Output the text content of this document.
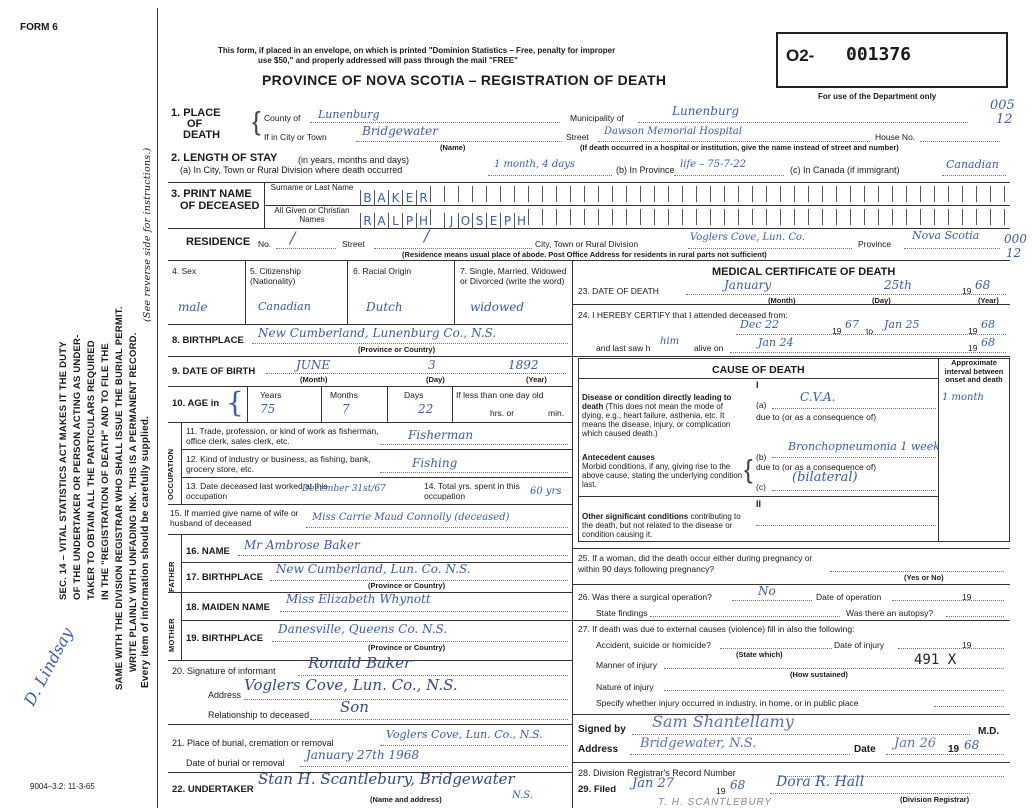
FORM 6
This form, if placed in an envelope, on which is printed "Dominion Statistics – Free, penalty for improper
use $50," and properly addressed will pass through the mail "FREE"
PROVINCE OF NOVA SCOTIA – REGISTRATION OF DEATH
O2- 001376
For use of the Department only
005
12
SEC. 14 – VITAL STATISTICS ACT MAKES IT THE DUTY OF THE UNDERTAKER OR PERSON ACTING AS UNDER- TAKER TO OBTAIN ALL THE PARTICULARS REQUIRED IN THE "REGISTRATION OF DEATH" AND TO FILE THE SAME WITH THE DIVISION REGISTRAR WHO SHALL ISSUE THE BURIAL PERMIT. WRITE PLAINLY WITH UNFADING INK. THIS IS A PERMANENT RECORD. Every item of information should be carefully supplied.
(See reverse side for instructions.)
9004–3.2: 11-3-65
D. Lindsay
1. PLACE
OF
DEATH { County of Lunenburg	Municipality of	Lunenburg
If in City or Town	Bridgewater
(Name)
Street Dawson Memorial Hospital	House No.
(If death occurred in a hospital or institution, give the name instead of street and number)
2. LENGTH OF STAY (in years, months and days)
(a) In City, Town or Rural Division where death occurred	1 month, 4 days	(b) In Province life – 75-7-22	(c) In Canada (if immigrant)	Canadian
3. PRINT NAME
OF DECEASED
Surname or Last Name
All Given or Christian Names
B A K E R
R A L P H J O S E P H
RESIDENCE No. /	Street	/	City, Town or Rural Division
Voglers Cove, Lun. Co.
Province
Nova Scotia
(Residence means usual place of abode. Post Office Address for residents in rural parts not sufficient)
000
12
4. Sex	5. Citizenship (Nationality)
6. Racial Origin	7. Single, Married, Widowed or Divorced (write the word)
male	Canadian	Dutch	widowed
8. BIRTHPLACE
New Cumberland, Lunenburg Co., N.S.
(Province or Country)
9. DATE OF BIRTH	JUNE	3	1892
(Month)	(Day)	(Year)
10. AGE in { Years	Months	Days	If less than one day old
75	7	22	hrs. or	min.
OCCUPATION
11. Trade, profession, or kind of work as fisherman, office clerk, sales clerk, etc.	Fisherman
12. Kind of industry or business, as fishing, bank, grocery store, etc.	Fishing
13. Date deceased last worked at this occupation
December 31st/67	14. Total yrs. spent in this occupation	60 yrs
15. If married give name of wife or husband of deceased	Miss Carrie Maud Connolly (deceased)
FATHER
MOTHER
16. NAME Mr Ambrose Baker
17. BIRTHPLACE
New Cumberland, Lun. Co. N.S.
(Province or Country)
18. MAIDEN NAME
Miss Elizabeth Whynott
19. BIRTHPLACE
Danesville, Queens Co. N.S.
(Province or Country)
20. Signature of informant Ronald Baker
Address
Voglers Cove, Lun. Co., N.S.
Relationship to deceased Son
21. Place of burial, cremation or removal
Voglers Cove, Lun. Co., N.S.
Date of burial or removal
January 27th 1968
22. UNDERTAKER
Stan H. Scantlebury, Bridgewater
N.S.
(Name and address)
MEDICAL CERTIFICATE OF DEATH
23. DATE OF DEATH	January	25th	19 68
(Month)	(Day)	(Year)
24. I HEREBY CERTIFY that I attended deceased from:
Dec 22	19 67 to Jan 25	19 68
and last saw h
him
alive on	Jan 24	19 68
CAUSE OF DEATH
Approximate interval between onset and death
I
Disease or condition directly leading to death (This does not mean the mode of dying, e.g., heart failure, asthenia, etc. It means the disease, injury, or complication which caused death.)
(a)
C.V.A.	1 month
due to (or as a consequence of)
Antecedent causes
Morbid conditions, if any, giving rise to the above cause, stating the underlying condition last.
{ (b)
Bronchopneumonia 1 week
due to (or as a consequence of)
(c)
(bilateral)
II
Other significant conditions contributing to the death, but not related to the disease or condition causing it.
25. If a woman, did the death occur either during pregnancy or within 90 days following pregnancy?
(Yes or No)
26. Was there a surgical operation?	No	Date of operation	19
State findings	Was there an autopsy?
27. If death was due to external causes (violence) fill in also the following:
Accident, suicide or homicide?
(State which)
Date of injury	19
Manner of injury	491 X
(How sustained)
Nature of injury
Specify whether injury occurred in industry, in home, or in public place
Signed by Sam Shantellamy
M.D.
Address Bridgewater, N.S.	Date Jan 26 19 68
28. Division Registrar's Record Number
29. Filed Jan 27	19 68 Dora R. Hall
(Division Registrar)
T. H. SCANTLEBURY
